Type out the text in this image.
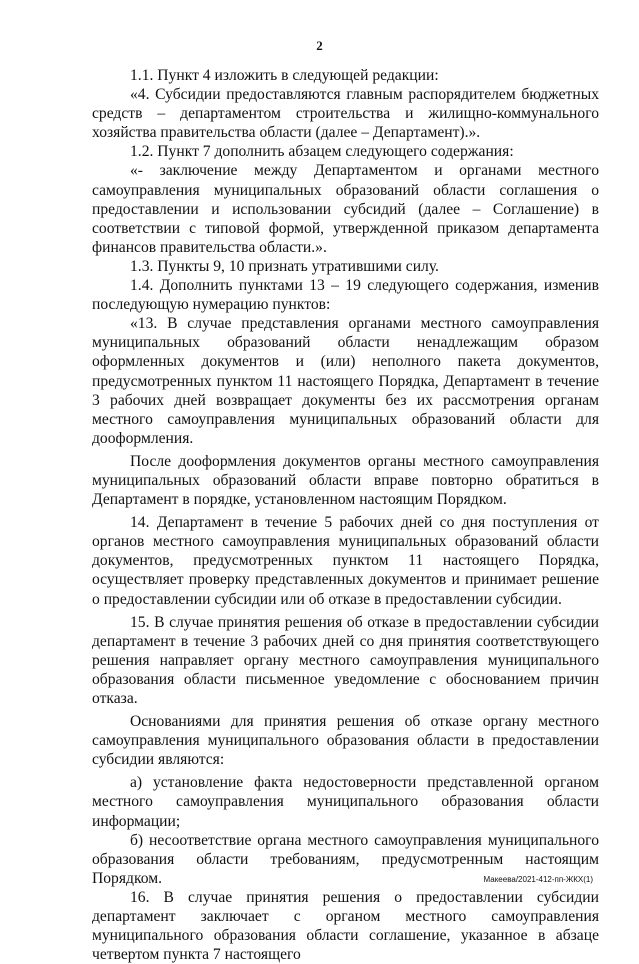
2

1.1. Пункт 4 изложить в следующей редакции:

«4. Субсидии предоставляются главным распорядителем бюджетных средств – департаментом строительства и жилищно-коммунального хозяйства правительства области (далее – Департамент).».

1.2. Пункт 7 дополнить абзацем следующего содержания:

«- заключение между Департаментом и органами местного самоуправления муниципальных образований области соглашения о предоставлении и использовании субсидий (далее – Соглашение) в соответствии с типовой формой, утвержденной приказом департамента финансов правительства области.».

1.3. Пункты 9, 10 признать утратившими силу.

1.4. Дополнить пунктами 13 – 19 следующего содержания, изменив последующую нумерацию пунктов:

«13. В случае представления органами местного самоуправления муниципальных образований области ненадлежащим образом оформленных документов и (или) неполного пакета документов, предусмотренных пунктом 11 настоящего Порядка, Департамент в течение 3 рабочих дней возвращает документы без их рассмотрения органам местного самоуправления муниципальных образований области для дооформления.

После дооформления документов органы местного самоуправления муниципальных образований области вправе повторно обратиться в Департамент в порядке, установленном настоящим Порядком.

14. Департамент в течение 5 рабочих дней со дня поступления от органов местного самоуправления муниципальных образований области документов, предусмотренных пунктом 11 настоящего Порядка, осуществляет проверку представленных документов и принимает решение о предоставлении субсидии или об отказе в предоставлении субсидии.

15. В случае принятия решения об отказе в предоставлении субсидии департамент в течение 3 рабочих дней со дня принятия соответствующего решения направляет органу местного самоуправления муниципального образования области письменное уведомление с обоснованием причин отказа.

Основаниями для принятия решения об отказе органу местного самоуправления муниципального образования области в предоставлении субсидии являются:

а) установление факта недостоверности представленной органом местного самоуправления муниципального образования области информации;

б) несоответствие органа местного самоуправления муниципального образования области требованиям, предусмотренным настоящим Порядком.

16. В случае принятия решения о предоставлении субсидии департамент заключает с органом местного самоуправления муниципального образования области соглашение, указанное в абзаце четвертом пункта 7 настоящего

Макеева/2021-412-пп-ЖКХ(1)
